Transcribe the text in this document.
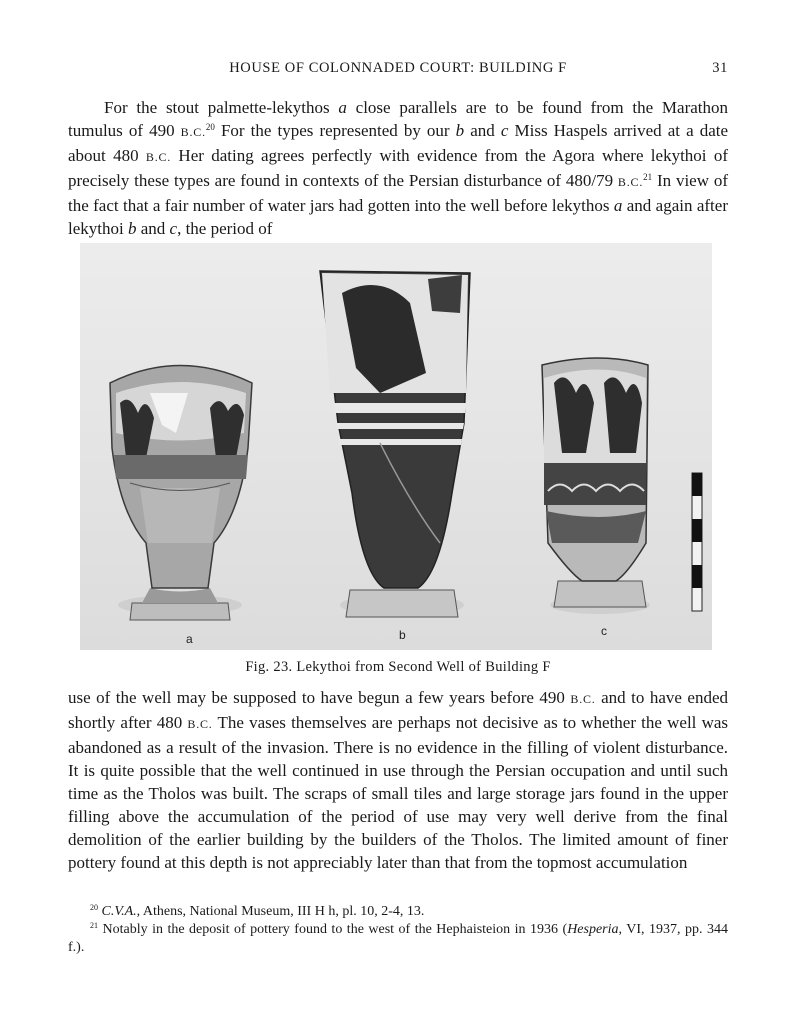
HOUSE OF COLONNADED COURT: BUILDING F	31
For the stout palmette-lekythos a close parallels are to be found from the Marathon tumulus of 490 B.C.$^{20}$ For the types represented by our b and c Miss Haspels arrived at a date about 480 B.C. Her dating agrees perfectly with evidence from the Agora where lekythoi of precisely these types are found in contexts of the Persian disturbance of 480/79 B.C.$^{21}$ In view of the fact that a fair number of water jars had gotten into the well before lekythos a and again after lekythoi b and c, the period of
a	b	c
Fig. 23. Lekythoi from Second Well of Building F
use of the well may be supposed to have begun a few years before 490 B.C. and to have ended shortly after 480 B.C. The vases themselves are perhaps not decisive as to whether the well was abandoned as a result of the invasion. There is no evidence in the filling of violent disturbance. It is quite possible that the well continued in use through the Persian occupation and until such time as the Tholos was built. The scraps of small tiles and large storage jars found in the upper filling above the accumulation of the period of use may very well derive from the final demolition of the earlier building by the builders of the Tholos. The limited amount of finer pottery found at this depth is not appreciably later than that from the topmost accumulation
$^{20}$ C.V.A., Athens, National Museum, III H h, pl. 10, 2-4, 13.
$^{21}$ Notably in the deposit of pottery found to the west of the Hephaisteion in 1936 (Hesperia, VI, 1937, pp. 344 f.).
